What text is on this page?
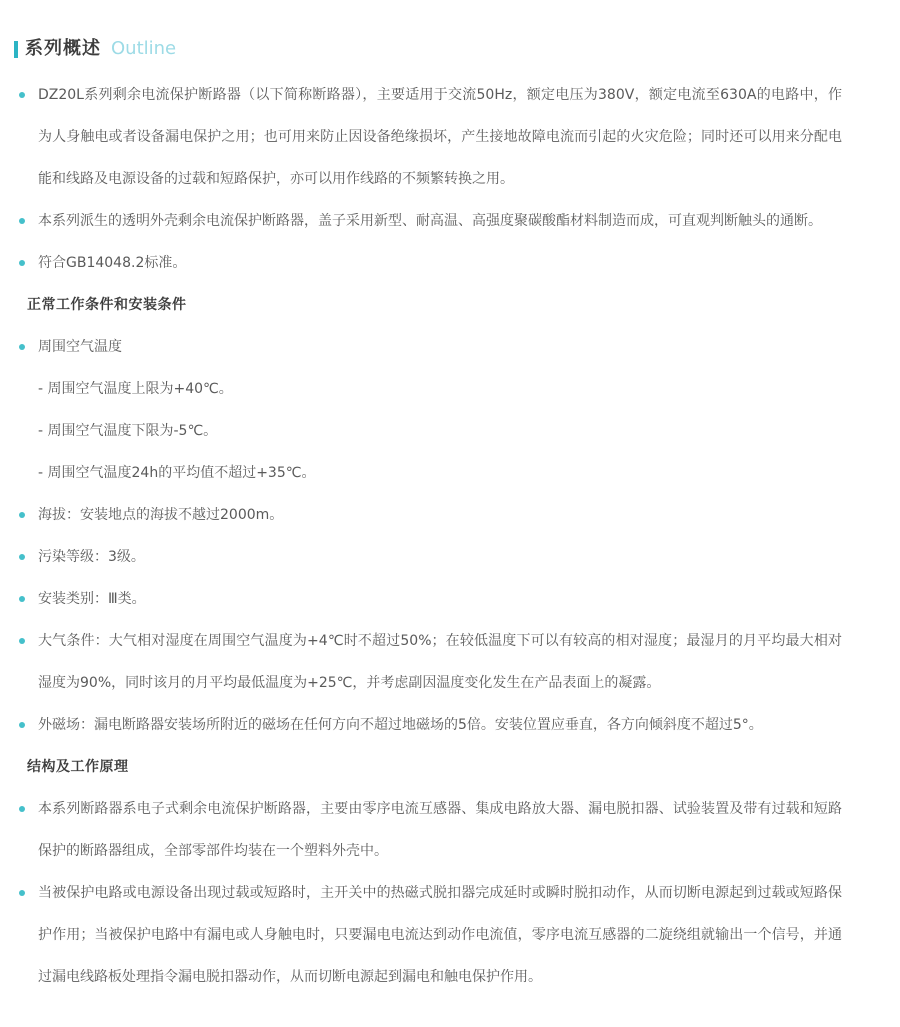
系列概述 Outline

DZ20L系列剩余电流保护断路器（以下简称断路器），主要适用于交流50Hz，额定电压为380V，额定电流至630A的电路中，作为人身触电或者设备漏电保护之用；也可用来防止因设备绝缘损坏，产生接地故障电流而引起的火灾危险；同时还可以用来分配电能和线路及电源设备的过载和短路保护，亦可以用作线路的不频繁转换之用。

本系列派生的透明外壳剩余电流保护断路器，盖子采用新型、耐高温、高强度聚碳酸酯材料制造而成，可直观判断触头的通断。

符合GB14048.2标准。

正常工作条件和安装条件

周围空气温度

- 周围空气温度上限为+40℃。

- 周围空气温度下限为-5℃。

- 周围空气温度24h的平均值不超过+35℃。

海拔：安装地点的海拔不越过2000m。

污染等级：3级。

安装类别：Ⅲ类。

大气条件：大气相对湿度在周围空气温度为+4℃时不超过50%；在较低温度下可以有较高的相对湿度；最湿月的月平均最大相对湿度为90%，同时该月的月平均最低温度为+25℃，并考虑副因温度变化发生在产品表面上的凝露。

外磁场：漏电断路器安装场所附近的磁场在任何方向不超过地磁场的5倍。安装位置应垂直，各方向倾斜度不超过5°。

结构及工作原理

本系列断路器系电子式剩余电流保护断路器，主要由零序电流互感器、集成电路放大器、漏电脱扣器、试验装置及带有过载和短路保护的断路器组成，全部零部件均装在一个塑料外壳中。

当被保护电路或电源设备出现过载或短路时，主开关中的热磁式脱扣器完成延时或瞬时脱扣动作，从而切断电源起到过载或短路保护作用；当被保护电路中有漏电或人身触电时，只要漏电电流达到动作电流值，零序电流互感器的二旋绕组就输出一个信号，并通过漏电线路板处理指令漏电脱扣器动作，从而切断电源起到漏电和触电保护作用。
